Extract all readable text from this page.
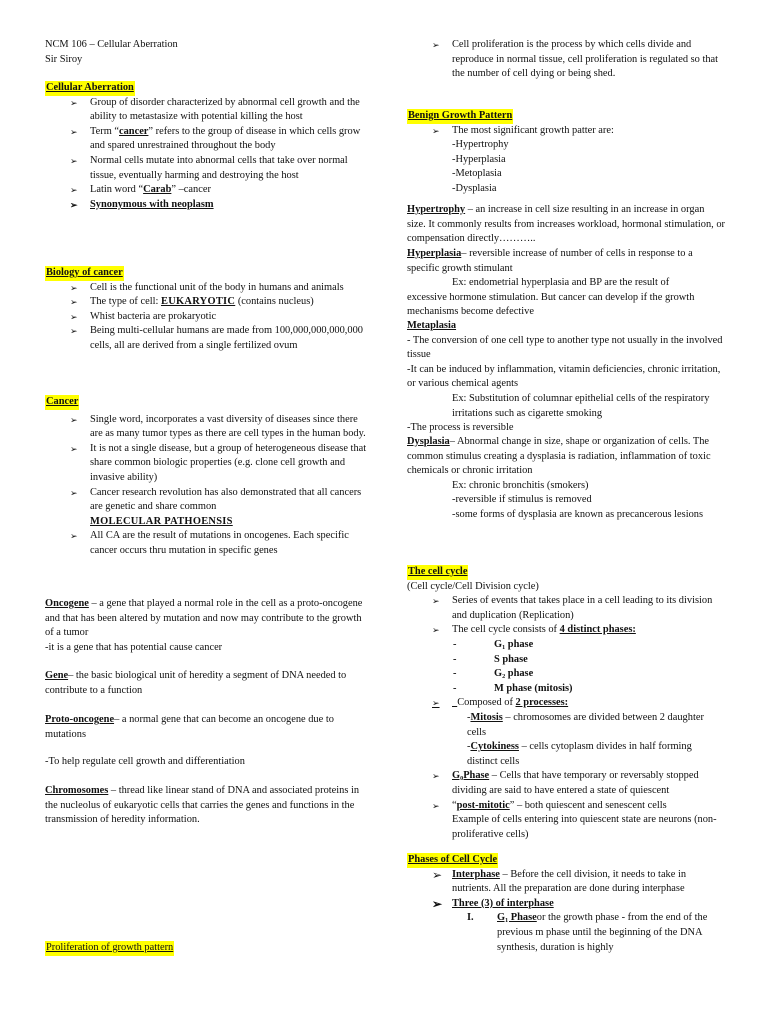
NCM 106 – Cellular Aberration
Sir Siroy
Cellular Aberration
➢ Group of disorder characterized by abnormal cell growth and the ability to metastasize with potential killing the host
➢ Term “cancer” refers to the group of disease in which cells grow and spared unrestrained throughout the body
➢ Normal cells mutate into abnormal cells that take over normal tissue, eventually harming and destroying the host
➢ Latin word “Carab” –cancer
➢ Synonymous with neoplasm
Biology of cancer
➢ Cell is the functional unit of the body in humans and animals
➢ The type of cell: EUKARYOTIC (contains nucleus)
➢ Whist bacteria are prokaryotic
➢ Being multi-cellular humans are made from 100,000,000,000,000 cells, all are derived from a single fertilized ovum
Cancer
➢ Single word, incorporates a vast diversity of diseases since there are as many tumor types as there are cell types in the human body.
➢ It is not a single disease, but a group of heterogeneous disease that share common biologic properties (e.g. clone cell growth and invasive ability)
➢ Cancer research revolution has also demonstrated that all cancers are genetic and share common
MOLECULAR PATHOENSIS
➢ All CA are the result of mutations in oncogenes. Each specific cancer occurs thru mutation in specific genes
Oncogene – a gene that played a normal role in the cell as a proto-oncogene and that has been altered by mutation and now may contribute to the growth of a tumor
-it is a gene that has potential cause cancer
Gene– the basic biological unit of heredity a segment of DNA needed to contribute to a function
Proto-oncogene– a normal gene that can become an oncogene due to mutations
-To help regulate cell growth and differentiation
Chromosomes – thread like linear stand of DNA and associated proteins in the nucleolus of eukaryotic cells that carries the genes and functions in the transmission of heredity information.
Proliferation of growth pattern
➢ Cell proliferation is the process by which cells divide and reproduce in normal tissue, cell proliferation is regulated so that the number of cell dying or being shed.
Benign Growth Pattern
➢ The most significant growth patter are:
-Hypertrophy
-Hyperplasia
-Metoplasia
-Dysplasia
Hypertrophy – an increase in cell size resulting in an increase in organ size. It commonly results from increases workload, hormonal stimulation, or compensation directly………..
Hyperplasia– reversible increase of number of cells in response to a specific growth stimulant
Ex: endometrial hyperplasia and BP are the result of
excessive hormone stimulation. But cancer can develop if the growth mechanisms become defective
Metaplasia
- The conversion of one cell type to another type not usually in the involved tissue
-It can be induced by inflammation, vitamin deficiencies, chronic irritation, or various chemical agents
Ex: Substitution of columnar epithelial cells of the respiratory irritations such as cigarette smoking
-The process is reversible
Dysplasia– Abnormal change in size, shape or organization of cells. The common stimulus creating a dysplasia is radiation, inflammation of toxic chemicals or chronic irritation
Ex: chronic bronchitis (smokers)
-reversible if stimulus is removed
-some forms of dysplasia are known as precancerous lesions
The cell cycle
(Cell cycle/Cell Division cycle)
➢ Series of events that takes place in a cell leading to its division and duplication (Replication)
➢ The cell cycle consists of 4 distinct phases:
-	G₁ phase
-	S phase
-	G₂ phase
-	M phase (mitosis)
➢ Composed of 2 processes:
-Mitosis – chromosomes are divided between 2 daughter cells
-Cytokiness – cells cytoplasm divides in half forming distinct cells
➢ G₀Phase – Cells that have temporary or reversably stopped dividing are said to have entered a state of quiescent
➢ “post-mitotic” – both quiescent and senescent cells
Example of cells entering into quiescent state are neurons (non-proliferative cells)
Phases of Cell Cycle
➢ Interphase – Before the cell division, it needs to take in nutrients. All the preparation are done during interphase
➢ Three (3) of interphase
I. G₁ Phaseor the growth phase - from the end of the previous m phase until the beginning of the DNA synthesis, duration is highly
